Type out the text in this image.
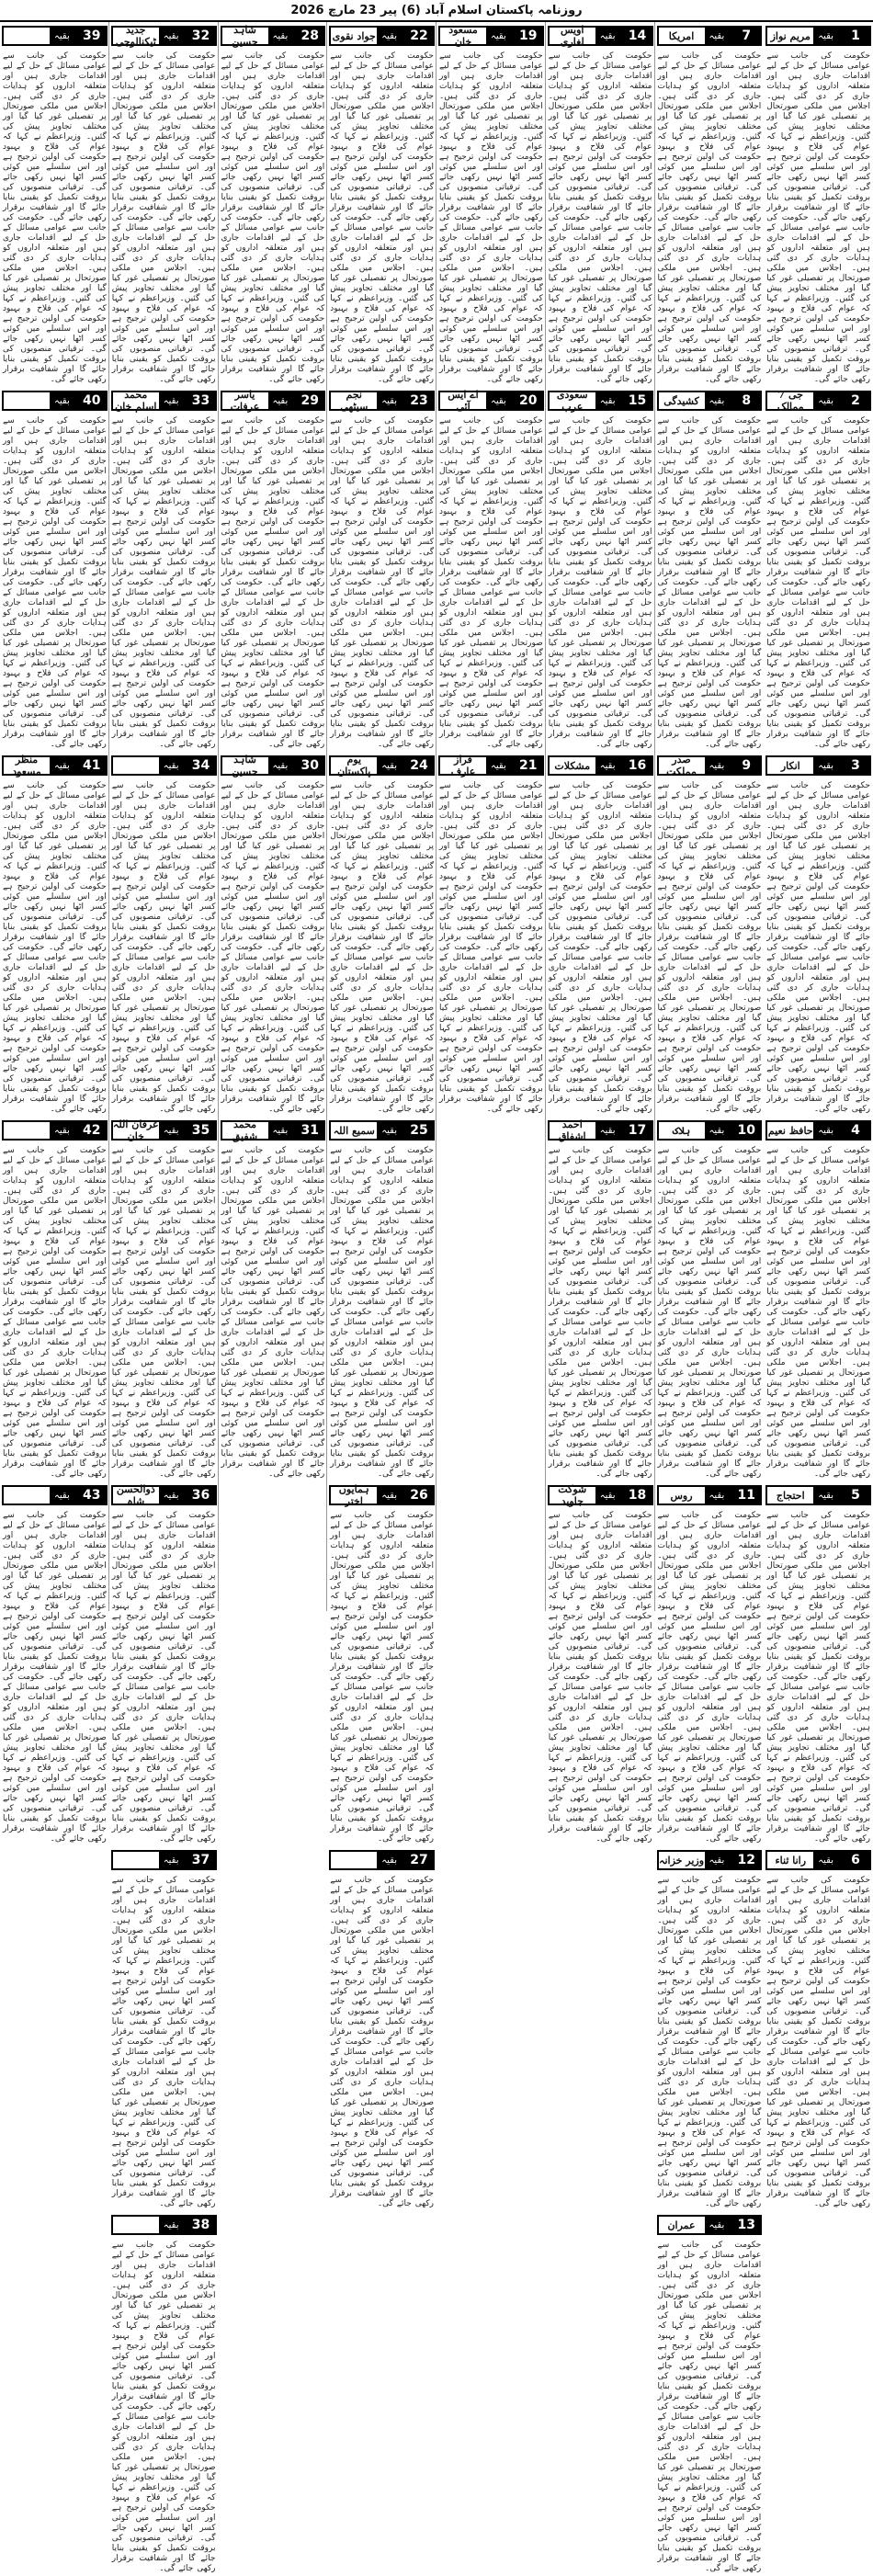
روزنامہ پاکستان اسلام آباد (6) پیر 23 مارچ 2026
1
بقیہ
مریم نواز
حکومت کی جانب سے عوامی مسائل کے حل کے لیے اقدامات جاری ہیں اور متعلقہ اداروں کو ہدایات جاری کر دی گئی ہیں۔ اجلاس میں ملکی صورتحال پر تفصیلی غور کیا گیا اور مختلف تجاویز پیش کی گئیں۔ وزیراعظم نے کہا کہ عوام کی فلاح و بہبود حکومت کی اولین ترجیح ہے اور اس سلسلے میں کوئی کسر اٹھا نہیں رکھی جائے گی۔ ترقیاتی منصوبوں کی بروقت تکمیل کو یقینی بنایا جائے گا اور شفافیت برقرار رکھی جائے گی۔ حکومت کی جانب سے عوامی مسائل کے حل کے لیے اقدامات جاری ہیں اور متعلقہ اداروں کو ہدایات جاری کر دی گئی ہیں۔ اجلاس میں ملکی صورتحال پر تفصیلی غور کیا گیا اور مختلف تجاویز پیش کی گئیں۔ وزیراعظم نے کہا کہ عوام کی فلاح و بہبود حکومت کی اولین ترجیح ہے اور اس سلسلے میں کوئی کسر اٹھا نہیں رکھی جائے گی۔ ترقیاتی منصوبوں کی بروقت تکمیل کو یقینی بنایا جائے گا اور شفافیت برقرار رکھی جائے گی۔
2
بقیہ
جی 7 ممالک
حکومت کی جانب سے عوامی مسائل کے حل کے لیے اقدامات جاری ہیں اور متعلقہ اداروں کو ہدایات جاری کر دی گئی ہیں۔ اجلاس میں ملکی صورتحال پر تفصیلی غور کیا گیا اور مختلف تجاویز پیش کی گئیں۔ وزیراعظم نے کہا کہ عوام کی فلاح و بہبود حکومت کی اولین ترجیح ہے اور اس سلسلے میں کوئی کسر اٹھا نہیں رکھی جائے گی۔ ترقیاتی منصوبوں کی بروقت تکمیل کو یقینی بنایا جائے گا اور شفافیت برقرار رکھی جائے گی۔ حکومت کی جانب سے عوامی مسائل کے حل کے لیے اقدامات جاری ہیں اور متعلقہ اداروں کو ہدایات جاری کر دی گئی ہیں۔ اجلاس میں ملکی صورتحال پر تفصیلی غور کیا گیا اور مختلف تجاویز پیش کی گئیں۔ وزیراعظم نے کہا کہ عوام کی فلاح و بہبود حکومت کی اولین ترجیح ہے اور اس سلسلے میں کوئی کسر اٹھا نہیں رکھی جائے گی۔ ترقیاتی منصوبوں کی بروقت تکمیل کو یقینی بنایا جائے گا اور شفافیت برقرار رکھی جائے گی۔
3
بقیہ
انکار
حکومت کی جانب سے عوامی مسائل کے حل کے لیے اقدامات جاری ہیں اور متعلقہ اداروں کو ہدایات جاری کر دی گئی ہیں۔ اجلاس میں ملکی صورتحال پر تفصیلی غور کیا گیا اور مختلف تجاویز پیش کی گئیں۔ وزیراعظم نے کہا کہ عوام کی فلاح و بہبود حکومت کی اولین ترجیح ہے اور اس سلسلے میں کوئی کسر اٹھا نہیں رکھی جائے گی۔ ترقیاتی منصوبوں کی بروقت تکمیل کو یقینی بنایا جائے گا اور شفافیت برقرار رکھی جائے گی۔ حکومت کی جانب سے عوامی مسائل کے حل کے لیے اقدامات جاری ہیں اور متعلقہ اداروں کو ہدایات جاری کر دی گئی ہیں۔ اجلاس میں ملکی صورتحال پر تفصیلی غور کیا گیا اور مختلف تجاویز پیش کی گئیں۔ وزیراعظم نے کہا کہ عوام کی فلاح و بہبود حکومت کی اولین ترجیح ہے اور اس سلسلے میں کوئی کسر اٹھا نہیں رکھی جائے گی۔ ترقیاتی منصوبوں کی بروقت تکمیل کو یقینی بنایا جائے گا اور شفافیت برقرار رکھی جائے گی۔
4
بقیہ
حافظ نعیم
حکومت کی جانب سے عوامی مسائل کے حل کے لیے اقدامات جاری ہیں اور متعلقہ اداروں کو ہدایات جاری کر دی گئی ہیں۔ اجلاس میں ملکی صورتحال پر تفصیلی غور کیا گیا اور مختلف تجاویز پیش کی گئیں۔ وزیراعظم نے کہا کہ عوام کی فلاح و بہبود حکومت کی اولین ترجیح ہے اور اس سلسلے میں کوئی کسر اٹھا نہیں رکھی جائے گی۔ ترقیاتی منصوبوں کی بروقت تکمیل کو یقینی بنایا جائے گا اور شفافیت برقرار رکھی جائے گی۔ حکومت کی جانب سے عوامی مسائل کے حل کے لیے اقدامات جاری ہیں اور متعلقہ اداروں کو ہدایات جاری کر دی گئی ہیں۔ اجلاس میں ملکی صورتحال پر تفصیلی غور کیا گیا اور مختلف تجاویز پیش کی گئیں۔ وزیراعظم نے کہا کہ عوام کی فلاح و بہبود حکومت کی اولین ترجیح ہے اور اس سلسلے میں کوئی کسر اٹھا نہیں رکھی جائے گی۔ ترقیاتی منصوبوں کی بروقت تکمیل کو یقینی بنایا جائے گا اور شفافیت برقرار رکھی جائے گی۔
5
بقیہ
احتجاج
حکومت کی جانب سے عوامی مسائل کے حل کے لیے اقدامات جاری ہیں اور متعلقہ اداروں کو ہدایات جاری کر دی گئی ہیں۔ اجلاس میں ملکی صورتحال پر تفصیلی غور کیا گیا اور مختلف تجاویز پیش کی گئیں۔ وزیراعظم نے کہا کہ عوام کی فلاح و بہبود حکومت کی اولین ترجیح ہے اور اس سلسلے میں کوئی کسر اٹھا نہیں رکھی جائے گی۔ ترقیاتی منصوبوں کی بروقت تکمیل کو یقینی بنایا جائے گا اور شفافیت برقرار رکھی جائے گی۔ حکومت کی جانب سے عوامی مسائل کے حل کے لیے اقدامات جاری ہیں اور متعلقہ اداروں کو ہدایات جاری کر دی گئی ہیں۔ اجلاس میں ملکی صورتحال پر تفصیلی غور کیا گیا اور مختلف تجاویز پیش کی گئیں۔ وزیراعظم نے کہا کہ عوام کی فلاح و بہبود حکومت کی اولین ترجیح ہے اور اس سلسلے میں کوئی کسر اٹھا نہیں رکھی جائے گی۔ ترقیاتی منصوبوں کی بروقت تکمیل کو یقینی بنایا جائے گا اور شفافیت برقرار رکھی جائے گی۔
6
بقیہ
رانا ثناء
حکومت کی جانب سے عوامی مسائل کے حل کے لیے اقدامات جاری ہیں اور متعلقہ اداروں کو ہدایات جاری کر دی گئی ہیں۔ اجلاس میں ملکی صورتحال پر تفصیلی غور کیا گیا اور مختلف تجاویز پیش کی گئیں۔ وزیراعظم نے کہا کہ عوام کی فلاح و بہبود حکومت کی اولین ترجیح ہے اور اس سلسلے میں کوئی کسر اٹھا نہیں رکھی جائے گی۔ ترقیاتی منصوبوں کی بروقت تکمیل کو یقینی بنایا جائے گا اور شفافیت برقرار رکھی جائے گی۔ حکومت کی جانب سے عوامی مسائل کے حل کے لیے اقدامات جاری ہیں اور متعلقہ اداروں کو ہدایات جاری کر دی گئی ہیں۔ اجلاس میں ملکی صورتحال پر تفصیلی غور کیا گیا اور مختلف تجاویز پیش کی گئیں۔ وزیراعظم نے کہا کہ عوام کی فلاح و بہبود حکومت کی اولین ترجیح ہے اور اس سلسلے میں کوئی کسر اٹھا نہیں رکھی جائے گی۔ ترقیاتی منصوبوں کی بروقت تکمیل کو یقینی بنایا جائے گا اور شفافیت برقرار رکھی جائے گی۔
7
بقیہ
امریکا
حکومت کی جانب سے عوامی مسائل کے حل کے لیے اقدامات جاری ہیں اور متعلقہ اداروں کو ہدایات جاری کر دی گئی ہیں۔ اجلاس میں ملکی صورتحال پر تفصیلی غور کیا گیا اور مختلف تجاویز پیش کی گئیں۔ وزیراعظم نے کہا کہ عوام کی فلاح و بہبود حکومت کی اولین ترجیح ہے اور اس سلسلے میں کوئی کسر اٹھا نہیں رکھی جائے گی۔ ترقیاتی منصوبوں کی بروقت تکمیل کو یقینی بنایا جائے گا اور شفافیت برقرار رکھی جائے گی۔ حکومت کی جانب سے عوامی مسائل کے حل کے لیے اقدامات جاری ہیں اور متعلقہ اداروں کو ہدایات جاری کر دی گئی ہیں۔ اجلاس میں ملکی صورتحال پر تفصیلی غور کیا گیا اور مختلف تجاویز پیش کی گئیں۔ وزیراعظم نے کہا کہ عوام کی فلاح و بہبود حکومت کی اولین ترجیح ہے اور اس سلسلے میں کوئی کسر اٹھا نہیں رکھی جائے گی۔ ترقیاتی منصوبوں کی بروقت تکمیل کو یقینی بنایا جائے گا اور شفافیت برقرار رکھی جائے گی۔
8
بقیہ
کشیدگی
حکومت کی جانب سے عوامی مسائل کے حل کے لیے اقدامات جاری ہیں اور متعلقہ اداروں کو ہدایات جاری کر دی گئی ہیں۔ اجلاس میں ملکی صورتحال پر تفصیلی غور کیا گیا اور مختلف تجاویز پیش کی گئیں۔ وزیراعظم نے کہا کہ عوام کی فلاح و بہبود حکومت کی اولین ترجیح ہے اور اس سلسلے میں کوئی کسر اٹھا نہیں رکھی جائے گی۔ ترقیاتی منصوبوں کی بروقت تکمیل کو یقینی بنایا جائے گا اور شفافیت برقرار رکھی جائے گی۔ حکومت کی جانب سے عوامی مسائل کے حل کے لیے اقدامات جاری ہیں اور متعلقہ اداروں کو ہدایات جاری کر دی گئی ہیں۔ اجلاس میں ملکی صورتحال پر تفصیلی غور کیا گیا اور مختلف تجاویز پیش کی گئیں۔ وزیراعظم نے کہا کہ عوام کی فلاح و بہبود حکومت کی اولین ترجیح ہے اور اس سلسلے میں کوئی کسر اٹھا نہیں رکھی جائے گی۔ ترقیاتی منصوبوں کی بروقت تکمیل کو یقینی بنایا جائے گا اور شفافیت برقرار رکھی جائے گی۔
9
بقیہ
صدر مملکت
حکومت کی جانب سے عوامی مسائل کے حل کے لیے اقدامات جاری ہیں اور متعلقہ اداروں کو ہدایات جاری کر دی گئی ہیں۔ اجلاس میں ملکی صورتحال پر تفصیلی غور کیا گیا اور مختلف تجاویز پیش کی گئیں۔ وزیراعظم نے کہا کہ عوام کی فلاح و بہبود حکومت کی اولین ترجیح ہے اور اس سلسلے میں کوئی کسر اٹھا نہیں رکھی جائے گی۔ ترقیاتی منصوبوں کی بروقت تکمیل کو یقینی بنایا جائے گا اور شفافیت برقرار رکھی جائے گی۔ حکومت کی جانب سے عوامی مسائل کے حل کے لیے اقدامات جاری ہیں اور متعلقہ اداروں کو ہدایات جاری کر دی گئی ہیں۔ اجلاس میں ملکی صورتحال پر تفصیلی غور کیا گیا اور مختلف تجاویز پیش کی گئیں۔ وزیراعظم نے کہا کہ عوام کی فلاح و بہبود حکومت کی اولین ترجیح ہے اور اس سلسلے میں کوئی کسر اٹھا نہیں رکھی جائے گی۔ ترقیاتی منصوبوں کی بروقت تکمیل کو یقینی بنایا جائے گا اور شفافیت برقرار رکھی جائے گی۔
10
بقیہ
ہلاک
حکومت کی جانب سے عوامی مسائل کے حل کے لیے اقدامات جاری ہیں اور متعلقہ اداروں کو ہدایات جاری کر دی گئی ہیں۔ اجلاس میں ملکی صورتحال پر تفصیلی غور کیا گیا اور مختلف تجاویز پیش کی گئیں۔ وزیراعظم نے کہا کہ عوام کی فلاح و بہبود حکومت کی اولین ترجیح ہے اور اس سلسلے میں کوئی کسر اٹھا نہیں رکھی جائے گی۔ ترقیاتی منصوبوں کی بروقت تکمیل کو یقینی بنایا جائے گا اور شفافیت برقرار رکھی جائے گی۔ حکومت کی جانب سے عوامی مسائل کے حل کے لیے اقدامات جاری ہیں اور متعلقہ اداروں کو ہدایات جاری کر دی گئی ہیں۔ اجلاس میں ملکی صورتحال پر تفصیلی غور کیا گیا اور مختلف تجاویز پیش کی گئیں۔ وزیراعظم نے کہا کہ عوام کی فلاح و بہبود حکومت کی اولین ترجیح ہے اور اس سلسلے میں کوئی کسر اٹھا نہیں رکھی جائے گی۔ ترقیاتی منصوبوں کی بروقت تکمیل کو یقینی بنایا جائے گا اور شفافیت برقرار رکھی جائے گی۔
11
بقیہ
روس
حکومت کی جانب سے عوامی مسائل کے حل کے لیے اقدامات جاری ہیں اور متعلقہ اداروں کو ہدایات جاری کر دی گئی ہیں۔ اجلاس میں ملکی صورتحال پر تفصیلی غور کیا گیا اور مختلف تجاویز پیش کی گئیں۔ وزیراعظم نے کہا کہ عوام کی فلاح و بہبود حکومت کی اولین ترجیح ہے اور اس سلسلے میں کوئی کسر اٹھا نہیں رکھی جائے گی۔ ترقیاتی منصوبوں کی بروقت تکمیل کو یقینی بنایا جائے گا اور شفافیت برقرار رکھی جائے گی۔ حکومت کی جانب سے عوامی مسائل کے حل کے لیے اقدامات جاری ہیں اور متعلقہ اداروں کو ہدایات جاری کر دی گئی ہیں۔ اجلاس میں ملکی صورتحال پر تفصیلی غور کیا گیا اور مختلف تجاویز پیش کی گئیں۔ وزیراعظم نے کہا کہ عوام کی فلاح و بہبود حکومت کی اولین ترجیح ہے اور اس سلسلے میں کوئی کسر اٹھا نہیں رکھی جائے گی۔ ترقیاتی منصوبوں کی بروقت تکمیل کو یقینی بنایا جائے گا اور شفافیت برقرار رکھی جائے گی۔
12
بقیہ
وزیر خزانہ
حکومت کی جانب سے عوامی مسائل کے حل کے لیے اقدامات جاری ہیں اور متعلقہ اداروں کو ہدایات جاری کر دی گئی ہیں۔ اجلاس میں ملکی صورتحال پر تفصیلی غور کیا گیا اور مختلف تجاویز پیش کی گئیں۔ وزیراعظم نے کہا کہ عوام کی فلاح و بہبود حکومت کی اولین ترجیح ہے اور اس سلسلے میں کوئی کسر اٹھا نہیں رکھی جائے گی۔ ترقیاتی منصوبوں کی بروقت تکمیل کو یقینی بنایا جائے گا اور شفافیت برقرار رکھی جائے گی۔ حکومت کی جانب سے عوامی مسائل کے حل کے لیے اقدامات جاری ہیں اور متعلقہ اداروں کو ہدایات جاری کر دی گئی ہیں۔ اجلاس میں ملکی صورتحال پر تفصیلی غور کیا گیا اور مختلف تجاویز پیش کی گئیں۔ وزیراعظم نے کہا کہ عوام کی فلاح و بہبود حکومت کی اولین ترجیح ہے اور اس سلسلے میں کوئی کسر اٹھا نہیں رکھی جائے گی۔ ترقیاتی منصوبوں کی بروقت تکمیل کو یقینی بنایا جائے گا اور شفافیت برقرار رکھی جائے گی۔
13
بقیہ
عمران
حکومت کی جانب سے عوامی مسائل کے حل کے لیے اقدامات جاری ہیں اور متعلقہ اداروں کو ہدایات جاری کر دی گئی ہیں۔ اجلاس میں ملکی صورتحال پر تفصیلی غور کیا گیا اور مختلف تجاویز پیش کی گئیں۔ وزیراعظم نے کہا کہ عوام کی فلاح و بہبود حکومت کی اولین ترجیح ہے اور اس سلسلے میں کوئی کسر اٹھا نہیں رکھی جائے گی۔ ترقیاتی منصوبوں کی بروقت تکمیل کو یقینی بنایا جائے گا اور شفافیت برقرار رکھی جائے گی۔ حکومت کی جانب سے عوامی مسائل کے حل کے لیے اقدامات جاری ہیں اور متعلقہ اداروں کو ہدایات جاری کر دی گئی ہیں۔ اجلاس میں ملکی صورتحال پر تفصیلی غور کیا گیا اور مختلف تجاویز پیش کی گئیں۔ وزیراعظم نے کہا کہ عوام کی فلاح و بہبود حکومت کی اولین ترجیح ہے اور اس سلسلے میں کوئی کسر اٹھا نہیں رکھی جائے گی۔ ترقیاتی منصوبوں کی بروقت تکمیل کو یقینی بنایا جائے گا اور شفافیت برقرار رکھی جائے گی۔
14
بقیہ
اویس لغاری
حکومت کی جانب سے عوامی مسائل کے حل کے لیے اقدامات جاری ہیں اور متعلقہ اداروں کو ہدایات جاری کر دی گئی ہیں۔ اجلاس میں ملکی صورتحال پر تفصیلی غور کیا گیا اور مختلف تجاویز پیش کی گئیں۔ وزیراعظم نے کہا کہ عوام کی فلاح و بہبود حکومت کی اولین ترجیح ہے اور اس سلسلے میں کوئی کسر اٹھا نہیں رکھی جائے گی۔ ترقیاتی منصوبوں کی بروقت تکمیل کو یقینی بنایا جائے گا اور شفافیت برقرار رکھی جائے گی۔ حکومت کی جانب سے عوامی مسائل کے حل کے لیے اقدامات جاری ہیں اور متعلقہ اداروں کو ہدایات جاری کر دی گئی ہیں۔ اجلاس میں ملکی صورتحال پر تفصیلی غور کیا گیا اور مختلف تجاویز پیش کی گئیں۔ وزیراعظم نے کہا کہ عوام کی فلاح و بہبود حکومت کی اولین ترجیح ہے اور اس سلسلے میں کوئی کسر اٹھا نہیں رکھی جائے گی۔ ترقیاتی منصوبوں کی بروقت تکمیل کو یقینی بنایا جائے گا اور شفافیت برقرار رکھی جائے گی۔
15
بقیہ
سعودی عرب
حکومت کی جانب سے عوامی مسائل کے حل کے لیے اقدامات جاری ہیں اور متعلقہ اداروں کو ہدایات جاری کر دی گئی ہیں۔ اجلاس میں ملکی صورتحال پر تفصیلی غور کیا گیا اور مختلف تجاویز پیش کی گئیں۔ وزیراعظم نے کہا کہ عوام کی فلاح و بہبود حکومت کی اولین ترجیح ہے اور اس سلسلے میں کوئی کسر اٹھا نہیں رکھی جائے گی۔ ترقیاتی منصوبوں کی بروقت تکمیل کو یقینی بنایا جائے گا اور شفافیت برقرار رکھی جائے گی۔ حکومت کی جانب سے عوامی مسائل کے حل کے لیے اقدامات جاری ہیں اور متعلقہ اداروں کو ہدایات جاری کر دی گئی ہیں۔ اجلاس میں ملکی صورتحال پر تفصیلی غور کیا گیا اور مختلف تجاویز پیش کی گئیں۔ وزیراعظم نے کہا کہ عوام کی فلاح و بہبود حکومت کی اولین ترجیح ہے اور اس سلسلے میں کوئی کسر اٹھا نہیں رکھی جائے گی۔ ترقیاتی منصوبوں کی بروقت تکمیل کو یقینی بنایا جائے گا اور شفافیت برقرار رکھی جائے گی۔
16
بقیہ
مشکلات
حکومت کی جانب سے عوامی مسائل کے حل کے لیے اقدامات جاری ہیں اور متعلقہ اداروں کو ہدایات جاری کر دی گئی ہیں۔ اجلاس میں ملکی صورتحال پر تفصیلی غور کیا گیا اور مختلف تجاویز پیش کی گئیں۔ وزیراعظم نے کہا کہ عوام کی فلاح و بہبود حکومت کی اولین ترجیح ہے اور اس سلسلے میں کوئی کسر اٹھا نہیں رکھی جائے گی۔ ترقیاتی منصوبوں کی بروقت تکمیل کو یقینی بنایا جائے گا اور شفافیت برقرار رکھی جائے گی۔ حکومت کی جانب سے عوامی مسائل کے حل کے لیے اقدامات جاری ہیں اور متعلقہ اداروں کو ہدایات جاری کر دی گئی ہیں۔ اجلاس میں ملکی صورتحال پر تفصیلی غور کیا گیا اور مختلف تجاویز پیش کی گئیں۔ وزیراعظم نے کہا کہ عوام کی فلاح و بہبود حکومت کی اولین ترجیح ہے اور اس سلسلے میں کوئی کسر اٹھا نہیں رکھی جائے گی۔ ترقیاتی منصوبوں کی بروقت تکمیل کو یقینی بنایا جائے گا اور شفافیت برقرار رکھی جائے گی۔
17
بقیہ
احمد اشفاق
حکومت کی جانب سے عوامی مسائل کے حل کے لیے اقدامات جاری ہیں اور متعلقہ اداروں کو ہدایات جاری کر دی گئی ہیں۔ اجلاس میں ملکی صورتحال پر تفصیلی غور کیا گیا اور مختلف تجاویز پیش کی گئیں۔ وزیراعظم نے کہا کہ عوام کی فلاح و بہبود حکومت کی اولین ترجیح ہے اور اس سلسلے میں کوئی کسر اٹھا نہیں رکھی جائے گی۔ ترقیاتی منصوبوں کی بروقت تکمیل کو یقینی بنایا جائے گا اور شفافیت برقرار رکھی جائے گی۔ حکومت کی جانب سے عوامی مسائل کے حل کے لیے اقدامات جاری ہیں اور متعلقہ اداروں کو ہدایات جاری کر دی گئی ہیں۔ اجلاس میں ملکی صورتحال پر تفصیلی غور کیا گیا اور مختلف تجاویز پیش کی گئیں۔ وزیراعظم نے کہا کہ عوام کی فلاح و بہبود حکومت کی اولین ترجیح ہے اور اس سلسلے میں کوئی کسر اٹھا نہیں رکھی جائے گی۔ ترقیاتی منصوبوں کی بروقت تکمیل کو یقینی بنایا جائے گا اور شفافیت برقرار رکھی جائے گی۔
18
بقیہ
شوکت جاوید
حکومت کی جانب سے عوامی مسائل کے حل کے لیے اقدامات جاری ہیں اور متعلقہ اداروں کو ہدایات جاری کر دی گئی ہیں۔ اجلاس میں ملکی صورتحال پر تفصیلی غور کیا گیا اور مختلف تجاویز پیش کی گئیں۔ وزیراعظم نے کہا کہ عوام کی فلاح و بہبود حکومت کی اولین ترجیح ہے اور اس سلسلے میں کوئی کسر اٹھا نہیں رکھی جائے گی۔ ترقیاتی منصوبوں کی بروقت تکمیل کو یقینی بنایا جائے گا اور شفافیت برقرار رکھی جائے گی۔ حکومت کی جانب سے عوامی مسائل کے حل کے لیے اقدامات جاری ہیں اور متعلقہ اداروں کو ہدایات جاری کر دی گئی ہیں۔ اجلاس میں ملکی صورتحال پر تفصیلی غور کیا گیا اور مختلف تجاویز پیش کی گئیں۔ وزیراعظم نے کہا کہ عوام کی فلاح و بہبود حکومت کی اولین ترجیح ہے اور اس سلسلے میں کوئی کسر اٹھا نہیں رکھی جائے گی۔ ترقیاتی منصوبوں کی بروقت تکمیل کو یقینی بنایا جائے گا اور شفافیت برقرار رکھی جائے گی۔
19
بقیہ
مسعود خان
حکومت کی جانب سے عوامی مسائل کے حل کے لیے اقدامات جاری ہیں اور متعلقہ اداروں کو ہدایات جاری کر دی گئی ہیں۔ اجلاس میں ملکی صورتحال پر تفصیلی غور کیا گیا اور مختلف تجاویز پیش کی گئیں۔ وزیراعظم نے کہا کہ عوام کی فلاح و بہبود حکومت کی اولین ترجیح ہے اور اس سلسلے میں کوئی کسر اٹھا نہیں رکھی جائے گی۔ ترقیاتی منصوبوں کی بروقت تکمیل کو یقینی بنایا جائے گا اور شفافیت برقرار رکھی جائے گی۔ حکومت کی جانب سے عوامی مسائل کے حل کے لیے اقدامات جاری ہیں اور متعلقہ اداروں کو ہدایات جاری کر دی گئی ہیں۔ اجلاس میں ملکی صورتحال پر تفصیلی غور کیا گیا اور مختلف تجاویز پیش کی گئیں۔ وزیراعظم نے کہا کہ عوام کی فلاح و بہبود حکومت کی اولین ترجیح ہے اور اس سلسلے میں کوئی کسر اٹھا نہیں رکھی جائے گی۔ ترقیاتی منصوبوں کی بروقت تکمیل کو یقینی بنایا جائے گا اور شفافیت برقرار رکھی جائے گی۔
20
بقیہ
اے ایس آئی
حکومت کی جانب سے عوامی مسائل کے حل کے لیے اقدامات جاری ہیں اور متعلقہ اداروں کو ہدایات جاری کر دی گئی ہیں۔ اجلاس میں ملکی صورتحال پر تفصیلی غور کیا گیا اور مختلف تجاویز پیش کی گئیں۔ وزیراعظم نے کہا کہ عوام کی فلاح و بہبود حکومت کی اولین ترجیح ہے اور اس سلسلے میں کوئی کسر اٹھا نہیں رکھی جائے گی۔ ترقیاتی منصوبوں کی بروقت تکمیل کو یقینی بنایا جائے گا اور شفافیت برقرار رکھی جائے گی۔ حکومت کی جانب سے عوامی مسائل کے حل کے لیے اقدامات جاری ہیں اور متعلقہ اداروں کو ہدایات جاری کر دی گئی ہیں۔ اجلاس میں ملکی صورتحال پر تفصیلی غور کیا گیا اور مختلف تجاویز پیش کی گئیں۔ وزیراعظم نے کہا کہ عوام کی فلاح و بہبود حکومت کی اولین ترجیح ہے اور اس سلسلے میں کوئی کسر اٹھا نہیں رکھی جائے گی۔ ترقیاتی منصوبوں کی بروقت تکمیل کو یقینی بنایا جائے گا اور شفافیت برقرار رکھی جائے گی۔
21
بقیہ
فراز عارف
حکومت کی جانب سے عوامی مسائل کے حل کے لیے اقدامات جاری ہیں اور متعلقہ اداروں کو ہدایات جاری کر دی گئی ہیں۔ اجلاس میں ملکی صورتحال پر تفصیلی غور کیا گیا اور مختلف تجاویز پیش کی گئیں۔ وزیراعظم نے کہا کہ عوام کی فلاح و بہبود حکومت کی اولین ترجیح ہے اور اس سلسلے میں کوئی کسر اٹھا نہیں رکھی جائے گی۔ ترقیاتی منصوبوں کی بروقت تکمیل کو یقینی بنایا جائے گا اور شفافیت برقرار رکھی جائے گی۔ حکومت کی جانب سے عوامی مسائل کے حل کے لیے اقدامات جاری ہیں اور متعلقہ اداروں کو ہدایات جاری کر دی گئی ہیں۔ اجلاس میں ملکی صورتحال پر تفصیلی غور کیا گیا اور مختلف تجاویز پیش کی گئیں۔ وزیراعظم نے کہا کہ عوام کی فلاح و بہبود حکومت کی اولین ترجیح ہے اور اس سلسلے میں کوئی کسر اٹھا نہیں رکھی جائے گی۔ ترقیاتی منصوبوں کی بروقت تکمیل کو یقینی بنایا جائے گا اور شفافیت برقرار رکھی جائے گی۔
22
بقیہ
جواد نقوی
حکومت کی جانب سے عوامی مسائل کے حل کے لیے اقدامات جاری ہیں اور متعلقہ اداروں کو ہدایات جاری کر دی گئی ہیں۔ اجلاس میں ملکی صورتحال پر تفصیلی غور کیا گیا اور مختلف تجاویز پیش کی گئیں۔ وزیراعظم نے کہا کہ عوام کی فلاح و بہبود حکومت کی اولین ترجیح ہے اور اس سلسلے میں کوئی کسر اٹھا نہیں رکھی جائے گی۔ ترقیاتی منصوبوں کی بروقت تکمیل کو یقینی بنایا جائے گا اور شفافیت برقرار رکھی جائے گی۔ حکومت کی جانب سے عوامی مسائل کے حل کے لیے اقدامات جاری ہیں اور متعلقہ اداروں کو ہدایات جاری کر دی گئی ہیں۔ اجلاس میں ملکی صورتحال پر تفصیلی غور کیا گیا اور مختلف تجاویز پیش کی گئیں۔ وزیراعظم نے کہا کہ عوام کی فلاح و بہبود حکومت کی اولین ترجیح ہے اور اس سلسلے میں کوئی کسر اٹھا نہیں رکھی جائے گی۔ ترقیاتی منصوبوں کی بروقت تکمیل کو یقینی بنایا جائے گا اور شفافیت برقرار رکھی جائے گی۔
23
بقیہ
نجم سیٹھی
حکومت کی جانب سے عوامی مسائل کے حل کے لیے اقدامات جاری ہیں اور متعلقہ اداروں کو ہدایات جاری کر دی گئی ہیں۔ اجلاس میں ملکی صورتحال پر تفصیلی غور کیا گیا اور مختلف تجاویز پیش کی گئیں۔ وزیراعظم نے کہا کہ عوام کی فلاح و بہبود حکومت کی اولین ترجیح ہے اور اس سلسلے میں کوئی کسر اٹھا نہیں رکھی جائے گی۔ ترقیاتی منصوبوں کی بروقت تکمیل کو یقینی بنایا جائے گا اور شفافیت برقرار رکھی جائے گی۔ حکومت کی جانب سے عوامی مسائل کے حل کے لیے اقدامات جاری ہیں اور متعلقہ اداروں کو ہدایات جاری کر دی گئی ہیں۔ اجلاس میں ملکی صورتحال پر تفصیلی غور کیا گیا اور مختلف تجاویز پیش کی گئیں۔ وزیراعظم نے کہا کہ عوام کی فلاح و بہبود حکومت کی اولین ترجیح ہے اور اس سلسلے میں کوئی کسر اٹھا نہیں رکھی جائے گی۔ ترقیاتی منصوبوں کی بروقت تکمیل کو یقینی بنایا جائے گا اور شفافیت برقرار رکھی جائے گی۔
24
بقیہ
یوم پاکستان
حکومت کی جانب سے عوامی مسائل کے حل کے لیے اقدامات جاری ہیں اور متعلقہ اداروں کو ہدایات جاری کر دی گئی ہیں۔ اجلاس میں ملکی صورتحال پر تفصیلی غور کیا گیا اور مختلف تجاویز پیش کی گئیں۔ وزیراعظم نے کہا کہ عوام کی فلاح و بہبود حکومت کی اولین ترجیح ہے اور اس سلسلے میں کوئی کسر اٹھا نہیں رکھی جائے گی۔ ترقیاتی منصوبوں کی بروقت تکمیل کو یقینی بنایا جائے گا اور شفافیت برقرار رکھی جائے گی۔ حکومت کی جانب سے عوامی مسائل کے حل کے لیے اقدامات جاری ہیں اور متعلقہ اداروں کو ہدایات جاری کر دی گئی ہیں۔ اجلاس میں ملکی صورتحال پر تفصیلی غور کیا گیا اور مختلف تجاویز پیش کی گئیں۔ وزیراعظم نے کہا کہ عوام کی فلاح و بہبود حکومت کی اولین ترجیح ہے اور اس سلسلے میں کوئی کسر اٹھا نہیں رکھی جائے گی۔ ترقیاتی منصوبوں کی بروقت تکمیل کو یقینی بنایا جائے گا اور شفافیت برقرار رکھی جائے گی۔
25
بقیہ
سمیع اللہ
حکومت کی جانب سے عوامی مسائل کے حل کے لیے اقدامات جاری ہیں اور متعلقہ اداروں کو ہدایات جاری کر دی گئی ہیں۔ اجلاس میں ملکی صورتحال پر تفصیلی غور کیا گیا اور مختلف تجاویز پیش کی گئیں۔ وزیراعظم نے کہا کہ عوام کی فلاح و بہبود حکومت کی اولین ترجیح ہے اور اس سلسلے میں کوئی کسر اٹھا نہیں رکھی جائے گی۔ ترقیاتی منصوبوں کی بروقت تکمیل کو یقینی بنایا جائے گا اور شفافیت برقرار رکھی جائے گی۔ حکومت کی جانب سے عوامی مسائل کے حل کے لیے اقدامات جاری ہیں اور متعلقہ اداروں کو ہدایات جاری کر دی گئی ہیں۔ اجلاس میں ملکی صورتحال پر تفصیلی غور کیا گیا اور مختلف تجاویز پیش کی گئیں۔ وزیراعظم نے کہا کہ عوام کی فلاح و بہبود حکومت کی اولین ترجیح ہے اور اس سلسلے میں کوئی کسر اٹھا نہیں رکھی جائے گی۔ ترقیاتی منصوبوں کی بروقت تکمیل کو یقینی بنایا جائے گا اور شفافیت برقرار رکھی جائے گی۔
26
بقیہ
ہمایوں اختر
حکومت کی جانب سے عوامی مسائل کے حل کے لیے اقدامات جاری ہیں اور متعلقہ اداروں کو ہدایات جاری کر دی گئی ہیں۔ اجلاس میں ملکی صورتحال پر تفصیلی غور کیا گیا اور مختلف تجاویز پیش کی گئیں۔ وزیراعظم نے کہا کہ عوام کی فلاح و بہبود حکومت کی اولین ترجیح ہے اور اس سلسلے میں کوئی کسر اٹھا نہیں رکھی جائے گی۔ ترقیاتی منصوبوں کی بروقت تکمیل کو یقینی بنایا جائے گا اور شفافیت برقرار رکھی جائے گی۔ حکومت کی جانب سے عوامی مسائل کے حل کے لیے اقدامات جاری ہیں اور متعلقہ اداروں کو ہدایات جاری کر دی گئی ہیں۔ اجلاس میں ملکی صورتحال پر تفصیلی غور کیا گیا اور مختلف تجاویز پیش کی گئیں۔ وزیراعظم نے کہا کہ عوام کی فلاح و بہبود حکومت کی اولین ترجیح ہے اور اس سلسلے میں کوئی کسر اٹھا نہیں رکھی جائے گی۔ ترقیاتی منصوبوں کی بروقت تکمیل کو یقینی بنایا جائے گا اور شفافیت برقرار رکھی جائے گی۔
27
بقیہ
حکومت کی جانب سے عوامی مسائل کے حل کے لیے اقدامات جاری ہیں اور متعلقہ اداروں کو ہدایات جاری کر دی گئی ہیں۔ اجلاس میں ملکی صورتحال پر تفصیلی غور کیا گیا اور مختلف تجاویز پیش کی گئیں۔ وزیراعظم نے کہا کہ عوام کی فلاح و بہبود حکومت کی اولین ترجیح ہے اور اس سلسلے میں کوئی کسر اٹھا نہیں رکھی جائے گی۔ ترقیاتی منصوبوں کی بروقت تکمیل کو یقینی بنایا جائے گا اور شفافیت برقرار رکھی جائے گی۔ حکومت کی جانب سے عوامی مسائل کے حل کے لیے اقدامات جاری ہیں اور متعلقہ اداروں کو ہدایات جاری کر دی گئی ہیں۔ اجلاس میں ملکی صورتحال پر تفصیلی غور کیا گیا اور مختلف تجاویز پیش کی گئیں۔ وزیراعظم نے کہا کہ عوام کی فلاح و بہبود حکومت کی اولین ترجیح ہے اور اس سلسلے میں کوئی کسر اٹھا نہیں رکھی جائے گی۔ ترقیاتی منصوبوں کی بروقت تکمیل کو یقینی بنایا جائے گا اور شفافیت برقرار رکھی جائے گی۔
28
بقیہ
شاہد حسین
حکومت کی جانب سے عوامی مسائل کے حل کے لیے اقدامات جاری ہیں اور متعلقہ اداروں کو ہدایات جاری کر دی گئی ہیں۔ اجلاس میں ملکی صورتحال پر تفصیلی غور کیا گیا اور مختلف تجاویز پیش کی گئیں۔ وزیراعظم نے کہا کہ عوام کی فلاح و بہبود حکومت کی اولین ترجیح ہے اور اس سلسلے میں کوئی کسر اٹھا نہیں رکھی جائے گی۔ ترقیاتی منصوبوں کی بروقت تکمیل کو یقینی بنایا جائے گا اور شفافیت برقرار رکھی جائے گی۔ حکومت کی جانب سے عوامی مسائل کے حل کے لیے اقدامات جاری ہیں اور متعلقہ اداروں کو ہدایات جاری کر دی گئی ہیں۔ اجلاس میں ملکی صورتحال پر تفصیلی غور کیا گیا اور مختلف تجاویز پیش کی گئیں۔ وزیراعظم نے کہا کہ عوام کی فلاح و بہبود حکومت کی اولین ترجیح ہے اور اس سلسلے میں کوئی کسر اٹھا نہیں رکھی جائے گی۔ ترقیاتی منصوبوں کی بروقت تکمیل کو یقینی بنایا جائے گا اور شفافیت برقرار رکھی جائے گی۔
29
بقیہ
یاسر عرفات
حکومت کی جانب سے عوامی مسائل کے حل کے لیے اقدامات جاری ہیں اور متعلقہ اداروں کو ہدایات جاری کر دی گئی ہیں۔ اجلاس میں ملکی صورتحال پر تفصیلی غور کیا گیا اور مختلف تجاویز پیش کی گئیں۔ وزیراعظم نے کہا کہ عوام کی فلاح و بہبود حکومت کی اولین ترجیح ہے اور اس سلسلے میں کوئی کسر اٹھا نہیں رکھی جائے گی۔ ترقیاتی منصوبوں کی بروقت تکمیل کو یقینی بنایا جائے گا اور شفافیت برقرار رکھی جائے گی۔ حکومت کی جانب سے عوامی مسائل کے حل کے لیے اقدامات جاری ہیں اور متعلقہ اداروں کو ہدایات جاری کر دی گئی ہیں۔ اجلاس میں ملکی صورتحال پر تفصیلی غور کیا گیا اور مختلف تجاویز پیش کی گئیں۔ وزیراعظم نے کہا کہ عوام کی فلاح و بہبود حکومت کی اولین ترجیح ہے اور اس سلسلے میں کوئی کسر اٹھا نہیں رکھی جائے گی۔ ترقیاتی منصوبوں کی بروقت تکمیل کو یقینی بنایا جائے گا اور شفافیت برقرار رکھی جائے گی۔
30
بقیہ
شاہد حسین
حکومت کی جانب سے عوامی مسائل کے حل کے لیے اقدامات جاری ہیں اور متعلقہ اداروں کو ہدایات جاری کر دی گئی ہیں۔ اجلاس میں ملکی صورتحال پر تفصیلی غور کیا گیا اور مختلف تجاویز پیش کی گئیں۔ وزیراعظم نے کہا کہ عوام کی فلاح و بہبود حکومت کی اولین ترجیح ہے اور اس سلسلے میں کوئی کسر اٹھا نہیں رکھی جائے گی۔ ترقیاتی منصوبوں کی بروقت تکمیل کو یقینی بنایا جائے گا اور شفافیت برقرار رکھی جائے گی۔ حکومت کی جانب سے عوامی مسائل کے حل کے لیے اقدامات جاری ہیں اور متعلقہ اداروں کو ہدایات جاری کر دی گئی ہیں۔ اجلاس میں ملکی صورتحال پر تفصیلی غور کیا گیا اور مختلف تجاویز پیش کی گئیں۔ وزیراعظم نے کہا کہ عوام کی فلاح و بہبود حکومت کی اولین ترجیح ہے اور اس سلسلے میں کوئی کسر اٹھا نہیں رکھی جائے گی۔ ترقیاتی منصوبوں کی بروقت تکمیل کو یقینی بنایا جائے گا اور شفافیت برقرار رکھی جائے گی۔
31
بقیہ
محمد شفیق
حکومت کی جانب سے عوامی مسائل کے حل کے لیے اقدامات جاری ہیں اور متعلقہ اداروں کو ہدایات جاری کر دی گئی ہیں۔ اجلاس میں ملکی صورتحال پر تفصیلی غور کیا گیا اور مختلف تجاویز پیش کی گئیں۔ وزیراعظم نے کہا کہ عوام کی فلاح و بہبود حکومت کی اولین ترجیح ہے اور اس سلسلے میں کوئی کسر اٹھا نہیں رکھی جائے گی۔ ترقیاتی منصوبوں کی بروقت تکمیل کو یقینی بنایا جائے گا اور شفافیت برقرار رکھی جائے گی۔ حکومت کی جانب سے عوامی مسائل کے حل کے لیے اقدامات جاری ہیں اور متعلقہ اداروں کو ہدایات جاری کر دی گئی ہیں۔ اجلاس میں ملکی صورتحال پر تفصیلی غور کیا گیا اور مختلف تجاویز پیش کی گئیں۔ وزیراعظم نے کہا کہ عوام کی فلاح و بہبود حکومت کی اولین ترجیح ہے اور اس سلسلے میں کوئی کسر اٹھا نہیں رکھی جائے گی۔ ترقیاتی منصوبوں کی بروقت تکمیل کو یقینی بنایا جائے گا اور شفافیت برقرار رکھی جائے گی۔
32
بقیہ
جدید ٹیکنالوجی
حکومت کی جانب سے عوامی مسائل کے حل کے لیے اقدامات جاری ہیں اور متعلقہ اداروں کو ہدایات جاری کر دی گئی ہیں۔ اجلاس میں ملکی صورتحال پر تفصیلی غور کیا گیا اور مختلف تجاویز پیش کی گئیں۔ وزیراعظم نے کہا کہ عوام کی فلاح و بہبود حکومت کی اولین ترجیح ہے اور اس سلسلے میں کوئی کسر اٹھا نہیں رکھی جائے گی۔ ترقیاتی منصوبوں کی بروقت تکمیل کو یقینی بنایا جائے گا اور شفافیت برقرار رکھی جائے گی۔ حکومت کی جانب سے عوامی مسائل کے حل کے لیے اقدامات جاری ہیں اور متعلقہ اداروں کو ہدایات جاری کر دی گئی ہیں۔ اجلاس میں ملکی صورتحال پر تفصیلی غور کیا گیا اور مختلف تجاویز پیش کی گئیں۔ وزیراعظم نے کہا کہ عوام کی فلاح و بہبود حکومت کی اولین ترجیح ہے اور اس سلسلے میں کوئی کسر اٹھا نہیں رکھی جائے گی۔ ترقیاتی منصوبوں کی بروقت تکمیل کو یقینی بنایا جائے گا اور شفافیت برقرار رکھی جائے گی۔
33
بقیہ
محمد اسلم خان
حکومت کی جانب سے عوامی مسائل کے حل کے لیے اقدامات جاری ہیں اور متعلقہ اداروں کو ہدایات جاری کر دی گئی ہیں۔ اجلاس میں ملکی صورتحال پر تفصیلی غور کیا گیا اور مختلف تجاویز پیش کی گئیں۔ وزیراعظم نے کہا کہ عوام کی فلاح و بہبود حکومت کی اولین ترجیح ہے اور اس سلسلے میں کوئی کسر اٹھا نہیں رکھی جائے گی۔ ترقیاتی منصوبوں کی بروقت تکمیل کو یقینی بنایا جائے گا اور شفافیت برقرار رکھی جائے گی۔ حکومت کی جانب سے عوامی مسائل کے حل کے لیے اقدامات جاری ہیں اور متعلقہ اداروں کو ہدایات جاری کر دی گئی ہیں۔ اجلاس میں ملکی صورتحال پر تفصیلی غور کیا گیا اور مختلف تجاویز پیش کی گئیں۔ وزیراعظم نے کہا کہ عوام کی فلاح و بہبود حکومت کی اولین ترجیح ہے اور اس سلسلے میں کوئی کسر اٹھا نہیں رکھی جائے گی۔ ترقیاتی منصوبوں کی بروقت تکمیل کو یقینی بنایا جائے گا اور شفافیت برقرار رکھی جائے گی۔
34
بقیہ
حکومت کی جانب سے عوامی مسائل کے حل کے لیے اقدامات جاری ہیں اور متعلقہ اداروں کو ہدایات جاری کر دی گئی ہیں۔ اجلاس میں ملکی صورتحال پر تفصیلی غور کیا گیا اور مختلف تجاویز پیش کی گئیں۔ وزیراعظم نے کہا کہ عوام کی فلاح و بہبود حکومت کی اولین ترجیح ہے اور اس سلسلے میں کوئی کسر اٹھا نہیں رکھی جائے گی۔ ترقیاتی منصوبوں کی بروقت تکمیل کو یقینی بنایا جائے گا اور شفافیت برقرار رکھی جائے گی۔ حکومت کی جانب سے عوامی مسائل کے حل کے لیے اقدامات جاری ہیں اور متعلقہ اداروں کو ہدایات جاری کر دی گئی ہیں۔ اجلاس میں ملکی صورتحال پر تفصیلی غور کیا گیا اور مختلف تجاویز پیش کی گئیں۔ وزیراعظم نے کہا کہ عوام کی فلاح و بہبود حکومت کی اولین ترجیح ہے اور اس سلسلے میں کوئی کسر اٹھا نہیں رکھی جائے گی۔ ترقیاتی منصوبوں کی بروقت تکمیل کو یقینی بنایا جائے گا اور شفافیت برقرار رکھی جائے گی۔
35
بقیہ
عرفان اللہ خان
حکومت کی جانب سے عوامی مسائل کے حل کے لیے اقدامات جاری ہیں اور متعلقہ اداروں کو ہدایات جاری کر دی گئی ہیں۔ اجلاس میں ملکی صورتحال پر تفصیلی غور کیا گیا اور مختلف تجاویز پیش کی گئیں۔ وزیراعظم نے کہا کہ عوام کی فلاح و بہبود حکومت کی اولین ترجیح ہے اور اس سلسلے میں کوئی کسر اٹھا نہیں رکھی جائے گی۔ ترقیاتی منصوبوں کی بروقت تکمیل کو یقینی بنایا جائے گا اور شفافیت برقرار رکھی جائے گی۔ حکومت کی جانب سے عوامی مسائل کے حل کے لیے اقدامات جاری ہیں اور متعلقہ اداروں کو ہدایات جاری کر دی گئی ہیں۔ اجلاس میں ملکی صورتحال پر تفصیلی غور کیا گیا اور مختلف تجاویز پیش کی گئیں۔ وزیراعظم نے کہا کہ عوام کی فلاح و بہبود حکومت کی اولین ترجیح ہے اور اس سلسلے میں کوئی کسر اٹھا نہیں رکھی جائے گی۔ ترقیاتی منصوبوں کی بروقت تکمیل کو یقینی بنایا جائے گا اور شفافیت برقرار رکھی جائے گی۔
36
بقیہ
ذوالحسن شاہ
حکومت کی جانب سے عوامی مسائل کے حل کے لیے اقدامات جاری ہیں اور متعلقہ اداروں کو ہدایات جاری کر دی گئی ہیں۔ اجلاس میں ملکی صورتحال پر تفصیلی غور کیا گیا اور مختلف تجاویز پیش کی گئیں۔ وزیراعظم نے کہا کہ عوام کی فلاح و بہبود حکومت کی اولین ترجیح ہے اور اس سلسلے میں کوئی کسر اٹھا نہیں رکھی جائے گی۔ ترقیاتی منصوبوں کی بروقت تکمیل کو یقینی بنایا جائے گا اور شفافیت برقرار رکھی جائے گی۔ حکومت کی جانب سے عوامی مسائل کے حل کے لیے اقدامات جاری ہیں اور متعلقہ اداروں کو ہدایات جاری کر دی گئی ہیں۔ اجلاس میں ملکی صورتحال پر تفصیلی غور کیا گیا اور مختلف تجاویز پیش کی گئیں۔ وزیراعظم نے کہا کہ عوام کی فلاح و بہبود حکومت کی اولین ترجیح ہے اور اس سلسلے میں کوئی کسر اٹھا نہیں رکھی جائے گی۔ ترقیاتی منصوبوں کی بروقت تکمیل کو یقینی بنایا جائے گا اور شفافیت برقرار رکھی جائے گی۔
37
بقیہ
حکومت کی جانب سے عوامی مسائل کے حل کے لیے اقدامات جاری ہیں اور متعلقہ اداروں کو ہدایات جاری کر دی گئی ہیں۔ اجلاس میں ملکی صورتحال پر تفصیلی غور کیا گیا اور مختلف تجاویز پیش کی گئیں۔ وزیراعظم نے کہا کہ عوام کی فلاح و بہبود حکومت کی اولین ترجیح ہے اور اس سلسلے میں کوئی کسر اٹھا نہیں رکھی جائے گی۔ ترقیاتی منصوبوں کی بروقت تکمیل کو یقینی بنایا جائے گا اور شفافیت برقرار رکھی جائے گی۔ حکومت کی جانب سے عوامی مسائل کے حل کے لیے اقدامات جاری ہیں اور متعلقہ اداروں کو ہدایات جاری کر دی گئی ہیں۔ اجلاس میں ملکی صورتحال پر تفصیلی غور کیا گیا اور مختلف تجاویز پیش کی گئیں۔ وزیراعظم نے کہا کہ عوام کی فلاح و بہبود حکومت کی اولین ترجیح ہے اور اس سلسلے میں کوئی کسر اٹھا نہیں رکھی جائے گی۔ ترقیاتی منصوبوں کی بروقت تکمیل کو یقینی بنایا جائے گا اور شفافیت برقرار رکھی جائے گی۔
38
بقیہ
حکومت کی جانب سے عوامی مسائل کے حل کے لیے اقدامات جاری ہیں اور متعلقہ اداروں کو ہدایات جاری کر دی گئی ہیں۔ اجلاس میں ملکی صورتحال پر تفصیلی غور کیا گیا اور مختلف تجاویز پیش کی گئیں۔ وزیراعظم نے کہا کہ عوام کی فلاح و بہبود حکومت کی اولین ترجیح ہے اور اس سلسلے میں کوئی کسر اٹھا نہیں رکھی جائے گی۔ ترقیاتی منصوبوں کی بروقت تکمیل کو یقینی بنایا جائے گا اور شفافیت برقرار رکھی جائے گی۔ حکومت کی جانب سے عوامی مسائل کے حل کے لیے اقدامات جاری ہیں اور متعلقہ اداروں کو ہدایات جاری کر دی گئی ہیں۔ اجلاس میں ملکی صورتحال پر تفصیلی غور کیا گیا اور مختلف تجاویز پیش کی گئیں۔ وزیراعظم نے کہا کہ عوام کی فلاح و بہبود حکومت کی اولین ترجیح ہے اور اس سلسلے میں کوئی کسر اٹھا نہیں رکھی جائے گی۔ ترقیاتی منصوبوں کی بروقت تکمیل کو یقینی بنایا جائے گا اور شفافیت برقرار رکھی جائے گی۔
39
بقیہ
حکومت کی جانب سے عوامی مسائل کے حل کے لیے اقدامات جاری ہیں اور متعلقہ اداروں کو ہدایات جاری کر دی گئی ہیں۔ اجلاس میں ملکی صورتحال پر تفصیلی غور کیا گیا اور مختلف تجاویز پیش کی گئیں۔ وزیراعظم نے کہا کہ عوام کی فلاح و بہبود حکومت کی اولین ترجیح ہے اور اس سلسلے میں کوئی کسر اٹھا نہیں رکھی جائے گی۔ ترقیاتی منصوبوں کی بروقت تکمیل کو یقینی بنایا جائے گا اور شفافیت برقرار رکھی جائے گی۔ حکومت کی جانب سے عوامی مسائل کے حل کے لیے اقدامات جاری ہیں اور متعلقہ اداروں کو ہدایات جاری کر دی گئی ہیں۔ اجلاس میں ملکی صورتحال پر تفصیلی غور کیا گیا اور مختلف تجاویز پیش کی گئیں۔ وزیراعظم نے کہا کہ عوام کی فلاح و بہبود حکومت کی اولین ترجیح ہے اور اس سلسلے میں کوئی کسر اٹھا نہیں رکھی جائے گی۔ ترقیاتی منصوبوں کی بروقت تکمیل کو یقینی بنایا جائے گا اور شفافیت برقرار رکھی جائے گی۔
40
بقیہ
حکومت کی جانب سے عوامی مسائل کے حل کے لیے اقدامات جاری ہیں اور متعلقہ اداروں کو ہدایات جاری کر دی گئی ہیں۔ اجلاس میں ملکی صورتحال پر تفصیلی غور کیا گیا اور مختلف تجاویز پیش کی گئیں۔ وزیراعظم نے کہا کہ عوام کی فلاح و بہبود حکومت کی اولین ترجیح ہے اور اس سلسلے میں کوئی کسر اٹھا نہیں رکھی جائے گی۔ ترقیاتی منصوبوں کی بروقت تکمیل کو یقینی بنایا جائے گا اور شفافیت برقرار رکھی جائے گی۔ حکومت کی جانب سے عوامی مسائل کے حل کے لیے اقدامات جاری ہیں اور متعلقہ اداروں کو ہدایات جاری کر دی گئی ہیں۔ اجلاس میں ملکی صورتحال پر تفصیلی غور کیا گیا اور مختلف تجاویز پیش کی گئیں۔ وزیراعظم نے کہا کہ عوام کی فلاح و بہبود حکومت کی اولین ترجیح ہے اور اس سلسلے میں کوئی کسر اٹھا نہیں رکھی جائے گی۔ ترقیاتی منصوبوں کی بروقت تکمیل کو یقینی بنایا جائے گا اور شفافیت برقرار رکھی جائے گی۔
41
بقیہ
منظر مسعود
حکومت کی جانب سے عوامی مسائل کے حل کے لیے اقدامات جاری ہیں اور متعلقہ اداروں کو ہدایات جاری کر دی گئی ہیں۔ اجلاس میں ملکی صورتحال پر تفصیلی غور کیا گیا اور مختلف تجاویز پیش کی گئیں۔ وزیراعظم نے کہا کہ عوام کی فلاح و بہبود حکومت کی اولین ترجیح ہے اور اس سلسلے میں کوئی کسر اٹھا نہیں رکھی جائے گی۔ ترقیاتی منصوبوں کی بروقت تکمیل کو یقینی بنایا جائے گا اور شفافیت برقرار رکھی جائے گی۔ حکومت کی جانب سے عوامی مسائل کے حل کے لیے اقدامات جاری ہیں اور متعلقہ اداروں کو ہدایات جاری کر دی گئی ہیں۔ اجلاس میں ملکی صورتحال پر تفصیلی غور کیا گیا اور مختلف تجاویز پیش کی گئیں۔ وزیراعظم نے کہا کہ عوام کی فلاح و بہبود حکومت کی اولین ترجیح ہے اور اس سلسلے میں کوئی کسر اٹھا نہیں رکھی جائے گی۔ ترقیاتی منصوبوں کی بروقت تکمیل کو یقینی بنایا جائے گا اور شفافیت برقرار رکھی جائے گی۔
42
بقیہ
حکومت کی جانب سے عوامی مسائل کے حل کے لیے اقدامات جاری ہیں اور متعلقہ اداروں کو ہدایات جاری کر دی گئی ہیں۔ اجلاس میں ملکی صورتحال پر تفصیلی غور کیا گیا اور مختلف تجاویز پیش کی گئیں۔ وزیراعظم نے کہا کہ عوام کی فلاح و بہبود حکومت کی اولین ترجیح ہے اور اس سلسلے میں کوئی کسر اٹھا نہیں رکھی جائے گی۔ ترقیاتی منصوبوں کی بروقت تکمیل کو یقینی بنایا جائے گا اور شفافیت برقرار رکھی جائے گی۔ حکومت کی جانب سے عوامی مسائل کے حل کے لیے اقدامات جاری ہیں اور متعلقہ اداروں کو ہدایات جاری کر دی گئی ہیں۔ اجلاس میں ملکی صورتحال پر تفصیلی غور کیا گیا اور مختلف تجاویز پیش کی گئیں۔ وزیراعظم نے کہا کہ عوام کی فلاح و بہبود حکومت کی اولین ترجیح ہے اور اس سلسلے میں کوئی کسر اٹھا نہیں رکھی جائے گی۔ ترقیاتی منصوبوں کی بروقت تکمیل کو یقینی بنایا جائے گا اور شفافیت برقرار رکھی جائے گی۔
43
بقیہ
حکومت کی جانب سے عوامی مسائل کے حل کے لیے اقدامات جاری ہیں اور متعلقہ اداروں کو ہدایات جاری کر دی گئی ہیں۔ اجلاس میں ملکی صورتحال پر تفصیلی غور کیا گیا اور مختلف تجاویز پیش کی گئیں۔ وزیراعظم نے کہا کہ عوام کی فلاح و بہبود حکومت کی اولین ترجیح ہے اور اس سلسلے میں کوئی کسر اٹھا نہیں رکھی جائے گی۔ ترقیاتی منصوبوں کی بروقت تکمیل کو یقینی بنایا جائے گا اور شفافیت برقرار رکھی جائے گی۔ حکومت کی جانب سے عوامی مسائل کے حل کے لیے اقدامات جاری ہیں اور متعلقہ اداروں کو ہدایات جاری کر دی گئی ہیں۔ اجلاس میں ملکی صورتحال پر تفصیلی غور کیا گیا اور مختلف تجاویز پیش کی گئیں۔ وزیراعظم نے کہا کہ عوام کی فلاح و بہبود حکومت کی اولین ترجیح ہے اور اس سلسلے میں کوئی کسر اٹھا نہیں رکھی جائے گی۔ ترقیاتی منصوبوں کی بروقت تکمیل کو یقینی بنایا جائے گا اور شفافیت برقرار رکھی جائے گی۔
